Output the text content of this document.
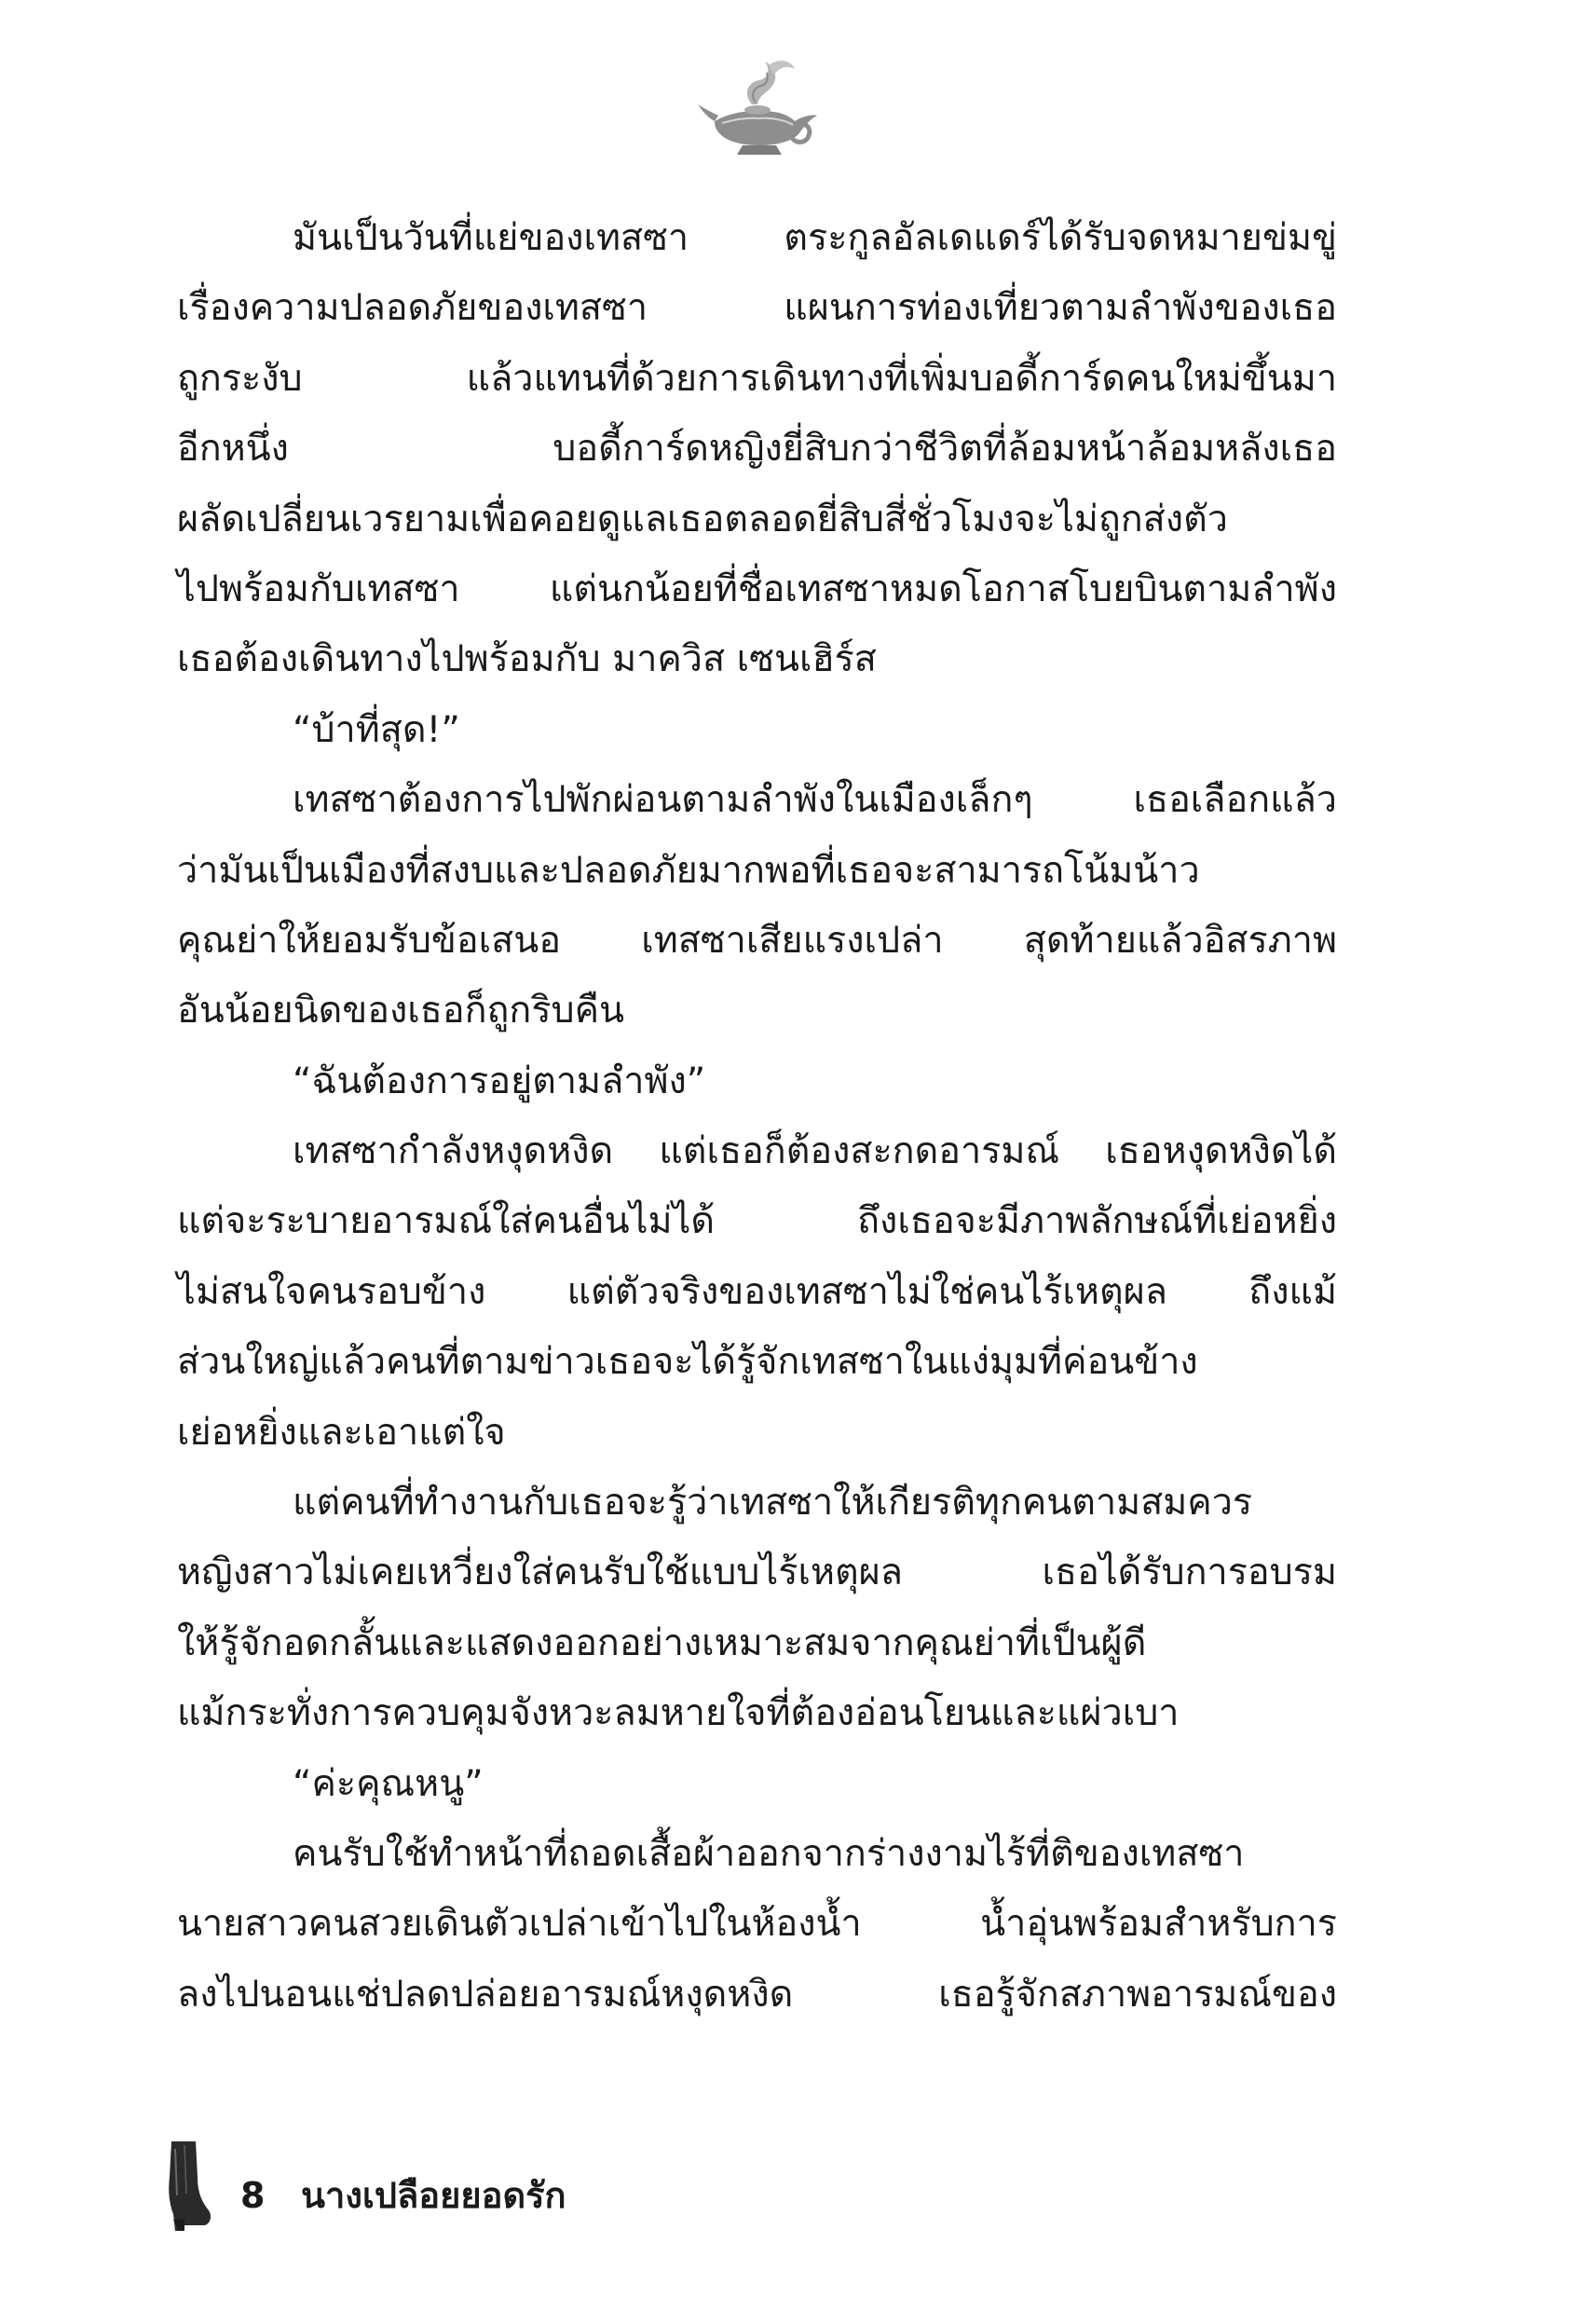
มันเป็นวันที่แย่ของเทสซา ตระกูลอัลเดแดร์ได้รับจดหมายข่มขู่
เรื่องความปลอดภัยของเทสซา แผนการท่องเที่ยวตามลำพังของเธอ
ถูกระงับ แล้วแทนที่ด้วยการเดินทางที่เพิ่มบอดี้การ์ดคนใหม่ขึ้นมา
อีกหนึ่ง บอดี้การ์ดหญิงยี่สิบกว่าชีวิตที่ล้อมหน้าล้อมหลังเธอ
ผลัดเปลี่ยนเวรยามเพื่อคอยดูแลเธอตลอดยี่สิบสี่ชั่วโมงจะไม่ถูกส่งตัว
ไปพร้อมกับเทสซา แต่นกน้อยที่ชื่อเทสซาหมดโอกาสโบยบินตามลำพัง
เธอต้องเดินทางไปพร้อมกับ มาควิส เซนเฮิร์ส
“บ้าที่สุด!”
เทสซาต้องการไปพักผ่อนตามลำพังในเมืองเล็กๆ เธอเลือกแล้ว
ว่ามันเป็นเมืองที่สงบและปลอดภัยมากพอที่เธอจะสามารถโน้มน้าว
คุณย่าให้ยอมรับข้อเสนอ เทสซาเสียแรงเปล่า สุดท้ายแล้วอิสรภาพ
อันน้อยนิดของเธอก็ถูกริบคืน
“ฉันต้องการอยู่ตามลำพัง”
เทสซากำลังหงุดหงิด แต่เธอก็ต้องสะกดอารมณ์ เธอหงุดหงิดได้
แต่จะระบายอารมณ์ใส่คนอื่นไม่ได้ ถึงเธอจะมีภาพลักษณ์ที่เย่อหยิ่ง
ไม่สนใจคนรอบข้าง แต่ตัวจริงของเทสซาไม่ใช่คนไร้เหตุผล ถึงแม้
ส่วนใหญ่แล้วคนที่ตามข่าวเธอจะได้รู้จักเทสซาในแง่มุมที่ค่อนข้าง
เย่อหยิ่งและเอาแต่ใจ
แต่คนที่ทำงานกับเธอจะรู้ว่าเทสซาให้เกียรติทุกคนตามสมควร
หญิงสาวไม่เคยเหวี่ยงใส่คนรับใช้แบบไร้เหตุผล เธอได้รับการอบรม
ให้รู้จักอดกลั้นและแสดงออกอย่างเหมาะสมจากคุณย่าที่เป็นผู้ดี
แม้กระทั่งการควบคุมจังหวะลมหายใจที่ต้องอ่อนโยนและแผ่วเบา
“ค่ะคุณหนู”
คนรับใช้ทำหน้าที่ถอดเสื้อผ้าออกจากร่างงามไร้ที่ติของเทสซา
นายสาวคนสวยเดินตัวเปล่าเข้าไปในห้องน้ำ น้ำอุ่นพร้อมสำหรับการ
ลงไปนอนแช่ปลดปล่อยอารมณ์หงุดหงิด เธอรู้จักสภาพอารมณ์ของ
8 นางเปลือยยอดรัก
